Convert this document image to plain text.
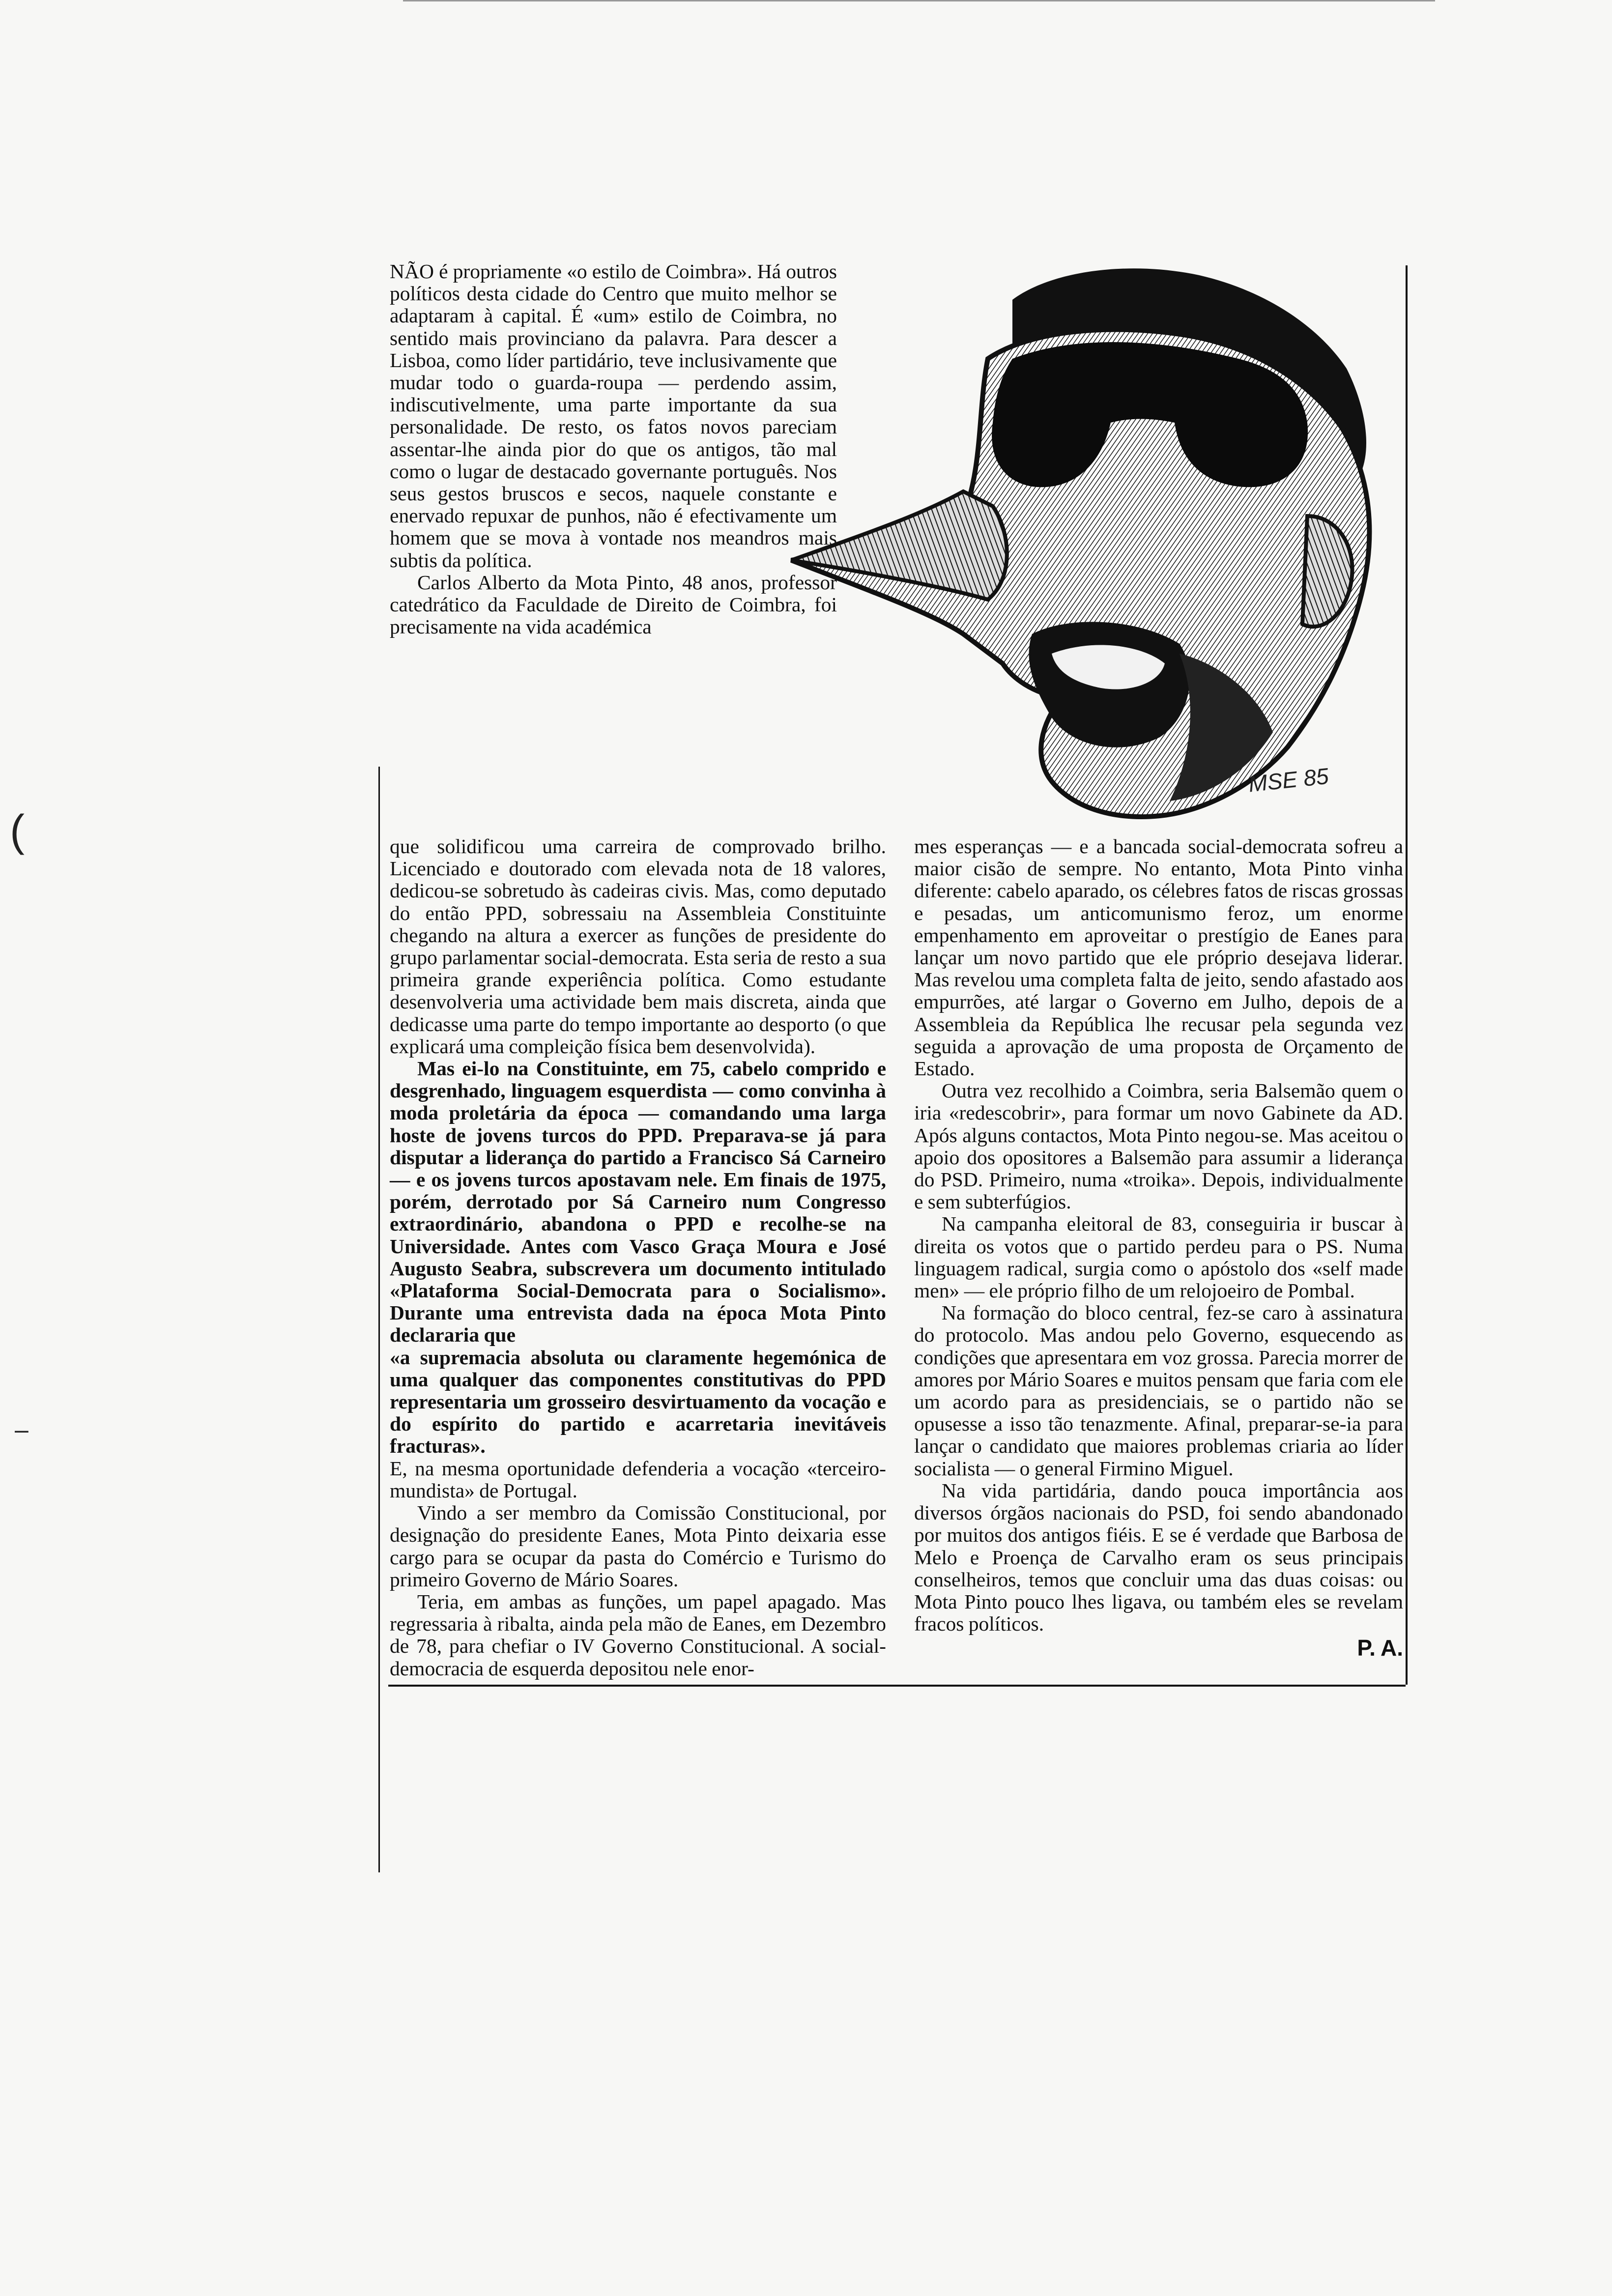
(
–
MSE 85

NÃO é propriamente «o estilo de Coimbra». Há outros políticos desta cidade do Centro que muito melhor se adaptaram à capital. É «um» estilo de Coimbra, no sentido mais provinciano da palavra. Para descer a Lisboa, como líder partidário, teve inclusivamente que mudar todo o guarda-roupa — perdendo assim, indiscutivelmente, uma parte importante da sua personalidade. De resto, os fatos novos pareciam assentar-lhe ainda pior do que os antigos, tão mal como o lugar de destacado governante português. Nos seus gestos bruscos e secos, naquele constante e enervado repuxar de punhos, não é efectivamente um homem que se mova à vontade nos meandros mais subtis da política.

Carlos Alberto da Mota Pinto, 48 anos, professor catedrático da Faculdade de Direito de Coimbra, foi precisamente na vida académica

que solidificou uma carreira de comprovado brilho. Licenciado e doutorado com elevada nota de 18 valores, dedicou-se sobretudo às cadeiras civis. Mas, como deputado do então PPD, sobressaiu na Assembleia Constituinte chegando na altura a exercer as funções de presidente do grupo parlamentar social-democrata. Esta seria de resto a sua primeira grande experiência política. Como estudante desenvolveria uma actividade bem mais discreta, ainda que dedicasse uma parte do tempo importante ao desporto (o que explicará uma compleição física bem desenvolvida).

Mas ei-lo na Constituinte, em 75, cabelo comprido e desgrenhado, linguagem esquerdista — como convinha à moda proletária da época — comandando uma larga hoste de jovens turcos do PPD. Preparava-se já para disputar a liderança do partido a Francisco Sá Carneiro — e os jovens turcos apostavam nele. Em finais de 1975, porém, derrotado por Sá Carneiro num Congresso extraordinário, abandona o PPD e recolhe-se na Universidade. Antes com Vasco Graça Moura e José Augusto Seabra, subscrevera um documento intitulado «Plataforma Social-Democrata para o Socialismo». Durante uma entrevista dada na época Mota Pinto declararia que

«a supremacia absoluta ou claramente hegemónica de uma qualquer das componentes constitutivas do PPD representaria um grosseiro desvirtuamento da vocação e do espírito do partido e acarretaria inevitáveis fracturas».

E, na mesma oportunidade defenderia a vocação «terceiro-mundista» de Portugal.

Vindo a ser membro da Comissão Constitucional, por designação do presidente Eanes, Mota Pinto deixaria esse cargo para se ocupar da pasta do Comércio e Turismo do primeiro Governo de Mário Soares.

Teria, em ambas as funções, um papel apagado. Mas regressaria à ribalta, ainda pela mão de Eanes, em Dezembro de 78, para chefiar o IV Governo Constitucional. A social-democracia de esquerda depositou nele enor-

mes esperanças — e a bancada social-democrata sofreu a maior cisão de sempre. No entanto, Mota Pinto vinha diferente: cabelo aparado, os célebres fatos de riscas grossas e pesadas, um anticomunismo feroz, um enorme empenhamento em aproveitar o prestígio de Eanes para lançar um novo partido que ele próprio desejava liderar. Mas revelou uma completa falta de jeito, sendo afastado aos empurrões, até largar o Governo em Julho, depois de a Assembleia da República lhe recusar pela segunda vez seguida a aprovação de uma proposta de Orçamento de Estado.

Outra vez recolhido a Coimbra, seria Balsemão quem o iria «redescobrir», para formar um novo Gabinete da AD. Após alguns contactos, Mota Pinto negou-se. Mas aceitou o apoio dos opositores a Balsemão para assumir a liderança do PSD. Primeiro, numa «troika». Depois, individualmente e sem subterfúgios.

Na campanha eleitoral de 83, conseguiria ir buscar à direita os votos que o partido perdeu para o PS. Numa linguagem radical, surgia como o apóstolo dos «self made men» — ele próprio filho de um relojoeiro de Pombal.

Na formação do bloco central, fez-se caro à assinatura do protocolo. Mas andou pelo Governo, esquecendo as condições que apresentara em voz grossa. Parecia morrer de amores por Mário Soares e muitos pensam que faria com ele um acordo para as presidenciais, se o partido não se opusesse a isso tão tenazmente. Afinal, preparar-se-ia para lançar o candidato que maiores problemas criaria ao líder socialista — o general Firmino Miguel.

Na vida partidária, dando pouca importância aos diversos órgãos nacionais do PSD, foi sendo abandonado por muitos dos antigos fiéis. E se é verdade que Barbosa de Melo e Proença de Carvalho eram os seus principais conselheiros, temos que concluir uma das duas coisas: ou Mota Pinto pouco lhes ligava, ou também eles se revelam fracos políticos.

P. A.
